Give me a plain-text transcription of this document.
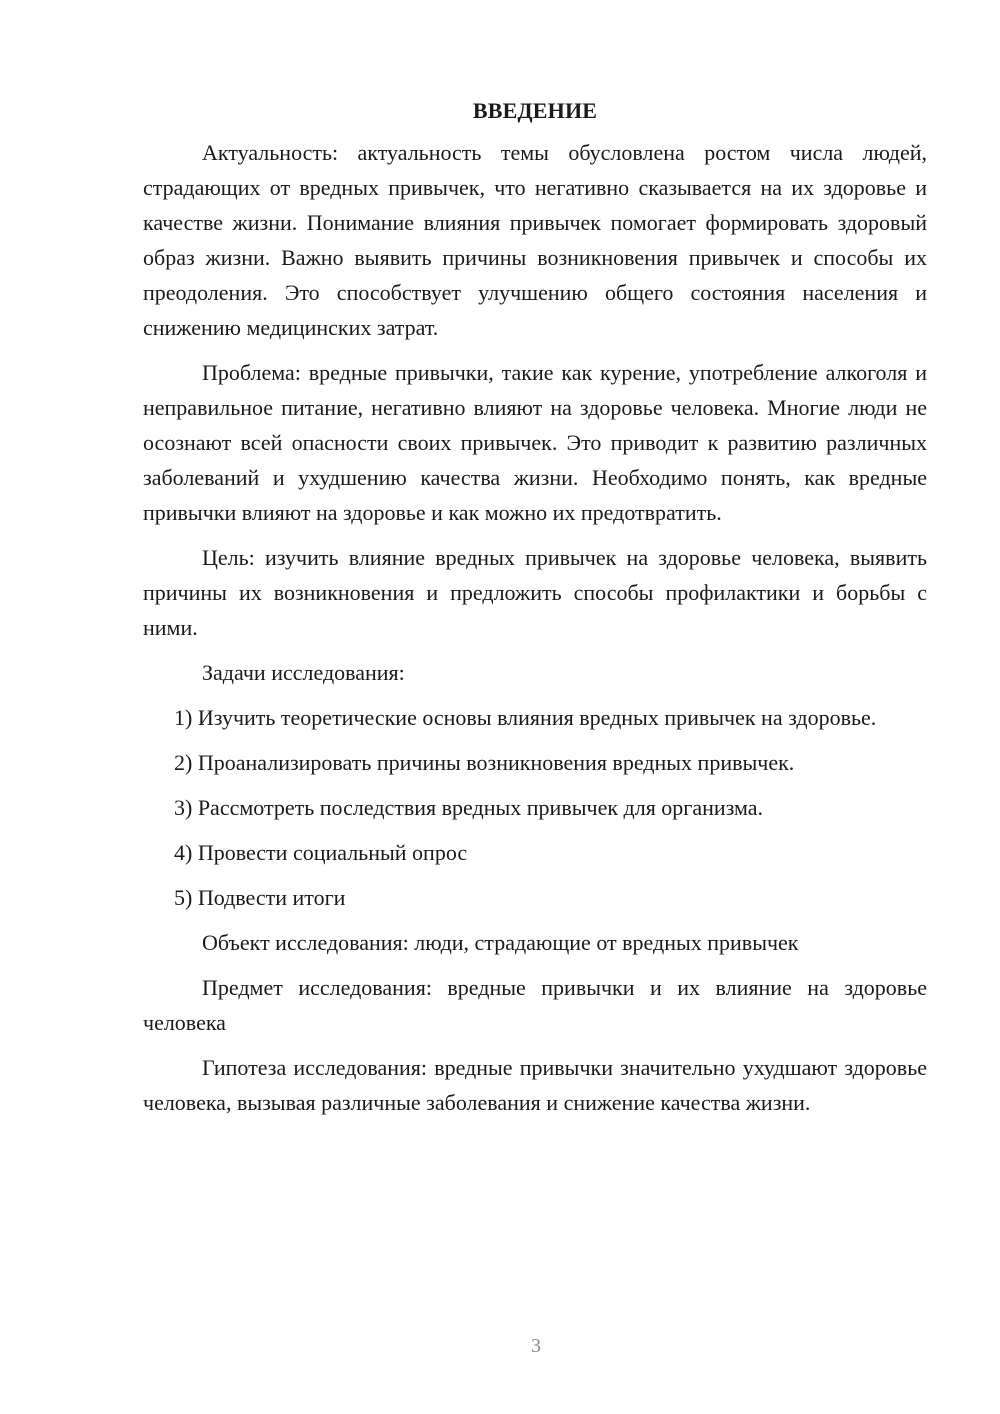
ВВЕДЕНИЕ

Актуальность: актуальность темы обусловлена ростом числа людей, страдающих от вредных привычек, что негативно сказывается на их здоровье и качестве жизни. Понимание влияния привычек помогает формировать здоровый образ жизни. Важно выявить причины возникновения привычек и способы их преодоления. Это способствует улучшению общего состояния населения и снижению медицинских затрат.

Проблема: вредные привычки, такие как курение, употребление алкоголя и неправильное питание, негативно влияют на здоровье человека. Многие люди не осознают всей опасности своих привычек. Это приводит к развитию различных заболеваний и ухудшению качества жизни. Необходимо понять, как вредные привычки влияют на здоровье и как можно их предотвратить.

Цель: изучить влияние вредных привычек на здоровье человека, выявить причины их возникновения и предложить способы профилактики и борьбы с ними.

Задачи исследования:

1) Изучить теоретические основы влияния вредных привычек на здоровье.

2) Проанализировать причины возникновения вредных привычек.

3) Рассмотреть последствия вредных привычек для организма.

4) Провести социальный опрос

5) Подвести итоги

Объект исследования: люди, страдающие от вредных привычек

Предмет исследования: вредные привычки и их влияние на здоровье человека

Гипотеза исследования: вредные привычки значительно ухудшают здоровье человека, вызывая различные заболевания и снижение качества жизни.

3
